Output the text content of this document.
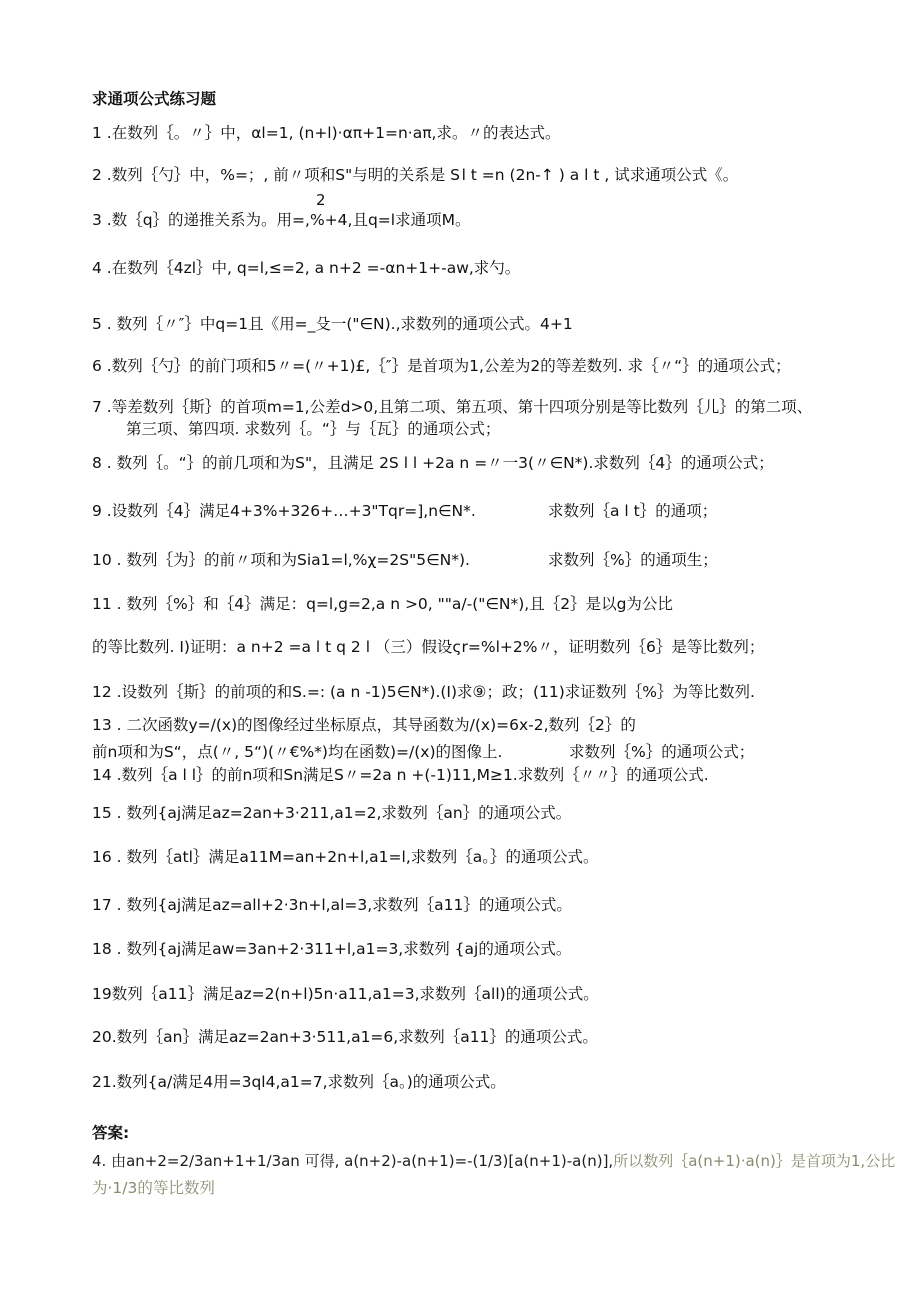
求通项公式练习题
1 .在数列｛。〃｝中，αl=1, (n+l)·απ+1=n·aπ,求。〃的表达式。
2 .数列｛勺｝中，%=；, 前〃项和S"与明的关系是 S l t =n (2n-↑ ) a l t , 试求通项公式《。
2
3 .数｛q｝的递推关系为。用=,%+4,且q=l求通项M。
4 .在数列｛4zl｝中, q=l,≤=2, a n+2 =-αn+1+-aw,求勺。
5 . 数列｛〃″｝中q=1且《用=_殳一("∈N).,求数列的通项公式。4+1
6 .数列｛勺｝的前门项和5〃=(〃+1)£,｛″｝是首项为1,公差为2的等差数列. 求｛〃“｝的通项公式；
7 .等差数列｛斯｝的首项m=1,公差d>0,且第二项、第五项、第十四项分别是等比数列｛儿｝的第二项、
第三项、第四项. 求数列｛。“｝与｛瓦｝的通项公式；
8 . 数列｛。“｝的前几项和为S"，且满足 2S l l +2a n =〃一3(〃∈N*).求数列｛4｝的通项公式；
9 .设数列｛4｝满足4+3%+326+…+3"Tqr=],n∈N*.	求数列｛a l t｝的通项；
10 . 数列｛为｝的前〃项和为Sia1=l,%χ=2S"5∈N*).	求数列｛%｝的通项生；
11 . 数列｛%｝和｛4｝满足：q=l,g=2,a n >0, ""a/-("∈N*),且｛2｝是以g为公比
的等比数列. I)证明：a n+2 =a l t q 2 l （三）假设ςr=%l+2%〃，证明数列｛6｝是等比数列；
12 .设数列｛斯｝的前项的和S.=: (a n -1)5∈N*).(I)求⑨；政；(11)求证数列｛%｝为等比数列.
13 . 二次函数y=∕(x)的图像经过坐标原点，其导函数为/(x)=6x-2,数列｛2｝的
前n项和为S“，点(〃, 5“)(〃€%*)均在函数)=/(x)的图像上.	求数列｛%｝的通项公式；
14 .数列｛a l l｝的前n项和Sn满足S〃=2a n +(-1)11,M≥1.求数列｛〃〃｝的通项公式.
15 . 数列{aj满足az=2an+3·211,a1=2,求数列｛an｝的通项公式。
16 . 数列｛atl｝满足a11M=an+2n+l,a1=l,求数列｛a。｝的通项公式。
17 . 数列{aj满足az=all+2·3n+l,al=3,求数列｛a11｝的通项公式。
18 . 数列{aj满足aw=3an+2·311+l,a1=3,求数列 {aj的通项公式。
19数列｛a11｝满足az=2(n+l)5n·a11,a1=3,求数列｛all)的通项公式。
20.数列｛an｝满足az=2an+3·511,a1=6,求数列｛a11｝的通项公式。
21.数列{a∕满足4用=3ql4,a1=7,求数列｛a。)的通项公式。
答案:
4. 由an+2=2∕3an+1+1∕3an 可得, a(n+2)-a(n+1)=-(1∕3)[a(n+1)-a(n)],所以数列｛a(n+1)·a(n)｝是首项为1,公比
为·1/3的等比数列
